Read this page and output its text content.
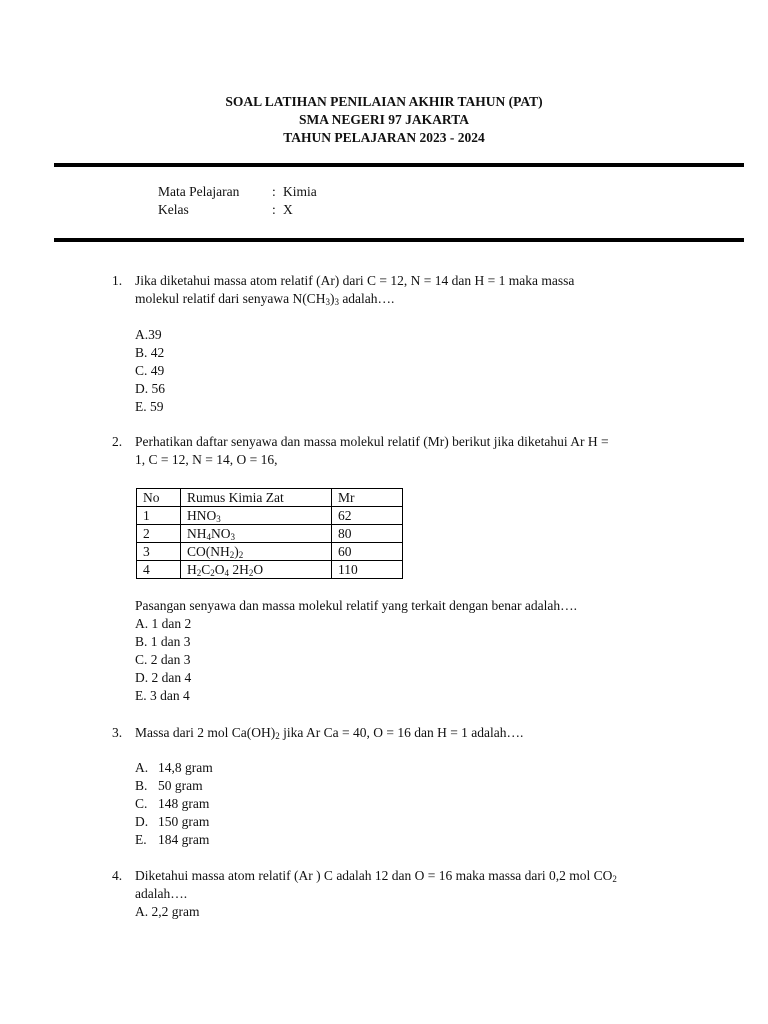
SOAL LATIHAN PENILAIAN AKHIR TAHUN (PAT)
SMA NEGERI 97 JAKARTA
TAHUN PELAJARAN 2023 - 2024
Mata Pelajaran	: Kimia
Kelas	: X
1. Jika diketahui massa atom relatif (Ar) dari C = 12, N = 14 dan H = 1 maka massa
molekul relatif dari senyawa $N(CH_3)_3$ adalah….
A.39
B. 42
C. 49
D. 56
E. 59
2. Perhatikan daftar senyawa dan massa molekul relatif (Mr) berikut jika diketahui Ar H =
1, C = 12, N = 14, O = 16,
No	Rumus Kimia Zat	Mr
1	$HNO_3$	62
2	$NH_4NO_3$	80
3	$CO(NH_2)_2$	60
4	$H_2C_2O_4$ $2H_2O$	110
Pasangan senyawa dan massa molekul relatif yang terkait dengan benar adalah….
A. 1 dan 2
B. 1 dan 3
C. 2 dan 3
D. 2 dan 4
E. 3 dan 4
3. Massa dari 2 mol $Ca(OH)_2$ jika Ar Ca = 40, O = 16 dan H = 1 adalah….
A. 14,8 gram
B. 50 gram
C. 148 gram
D. 150 gram
E. 184 gram
4. Diketahui massa atom relatif (Ar ) C adalah 12 dan O = 16 maka massa dari 0,2 mol $CO_2$
adalah….
A. 2,2 gram
